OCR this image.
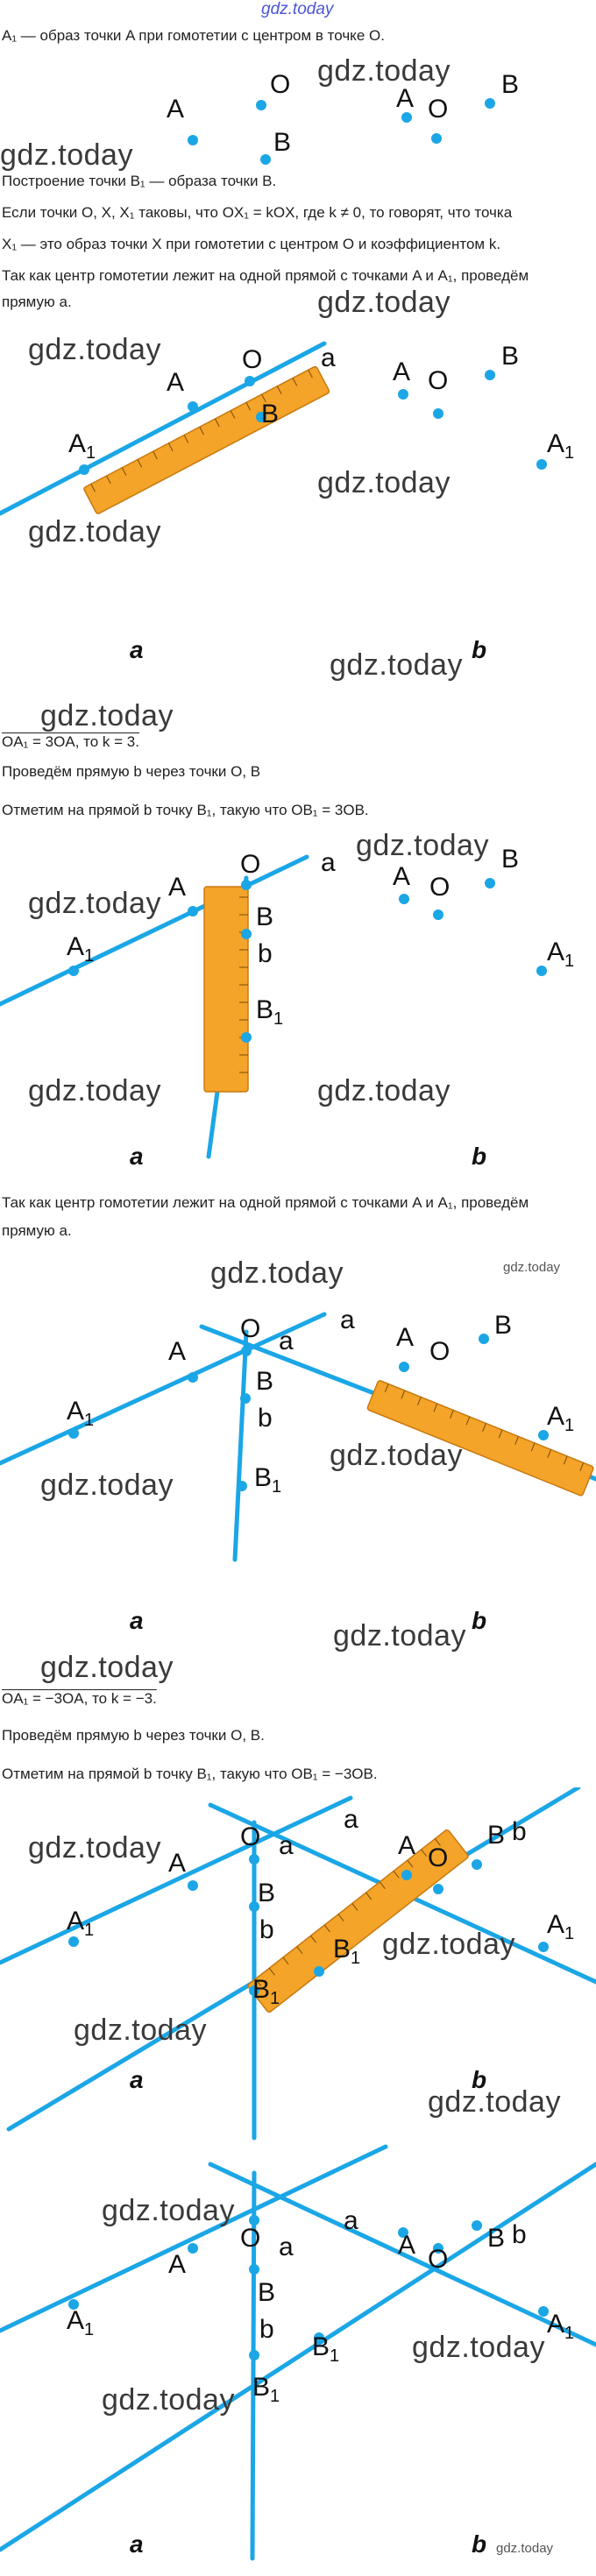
gdz.today
A₁ — образ точки A при гомотетии с центром в точке O.
A
O
B
A O
B
gdz.today
gdz.today
Построение точки B₁ — образа точки B.
Если точки O, X, X₁ таковы, что OX₁ = kOX, где k ≠ 0, то говорят, что точка
X₁ — это образ точки X при гомотетии с центром O и коэффициентом k.
Так как центр гомотетии лежит на одной прямой с точками A и A₁, проведём
прямую a.	gdz.today
a
A
O
B
$A_1$
A O
B
$A_1$
gdz.today
gdz.today
gdz.today
a	gdz.today b
gdz.today
OA₁ = 3OA, то k = 3.
Проведём прямую b через точки O, B
Отметим на прямой b точку B₁, такую что OB₁ = 3OB.
a
A
O
B
b
$B_1$
$A_1$
A O
B
$A_1$
gdz.today
gdz.today
gdz.today	gdz.today
a	b
Так как центр гомотетии лежит на одной прямой с точками A и A₁, проведём
прямую a.
gdz.today
gdz.today
a
a
A
O
B
b
$B_1$
$A_1$
A O
B
$A_1$
gdz.today
gdz.today
a	gdz.today b
gdz.today
OA₁ = −3OA, то k = −3.
Проведём прямую b через точки O, B.
Отметим на прямой b точку B₁, такую что OB₁ = −3OB.
a
a
A
O
B
b
$B_1$
$B_1$
$A_1$
A O
B b
$A_1$
gdz.today
gdz.today
gdz.today
a	b
gdz.today
gdz.today	a
a
A
O
B
b
$B_1$
$B_1$
$A_1$
A O
B b
$A_1$
gdz.today
gdz.today
a	b gdz.today
